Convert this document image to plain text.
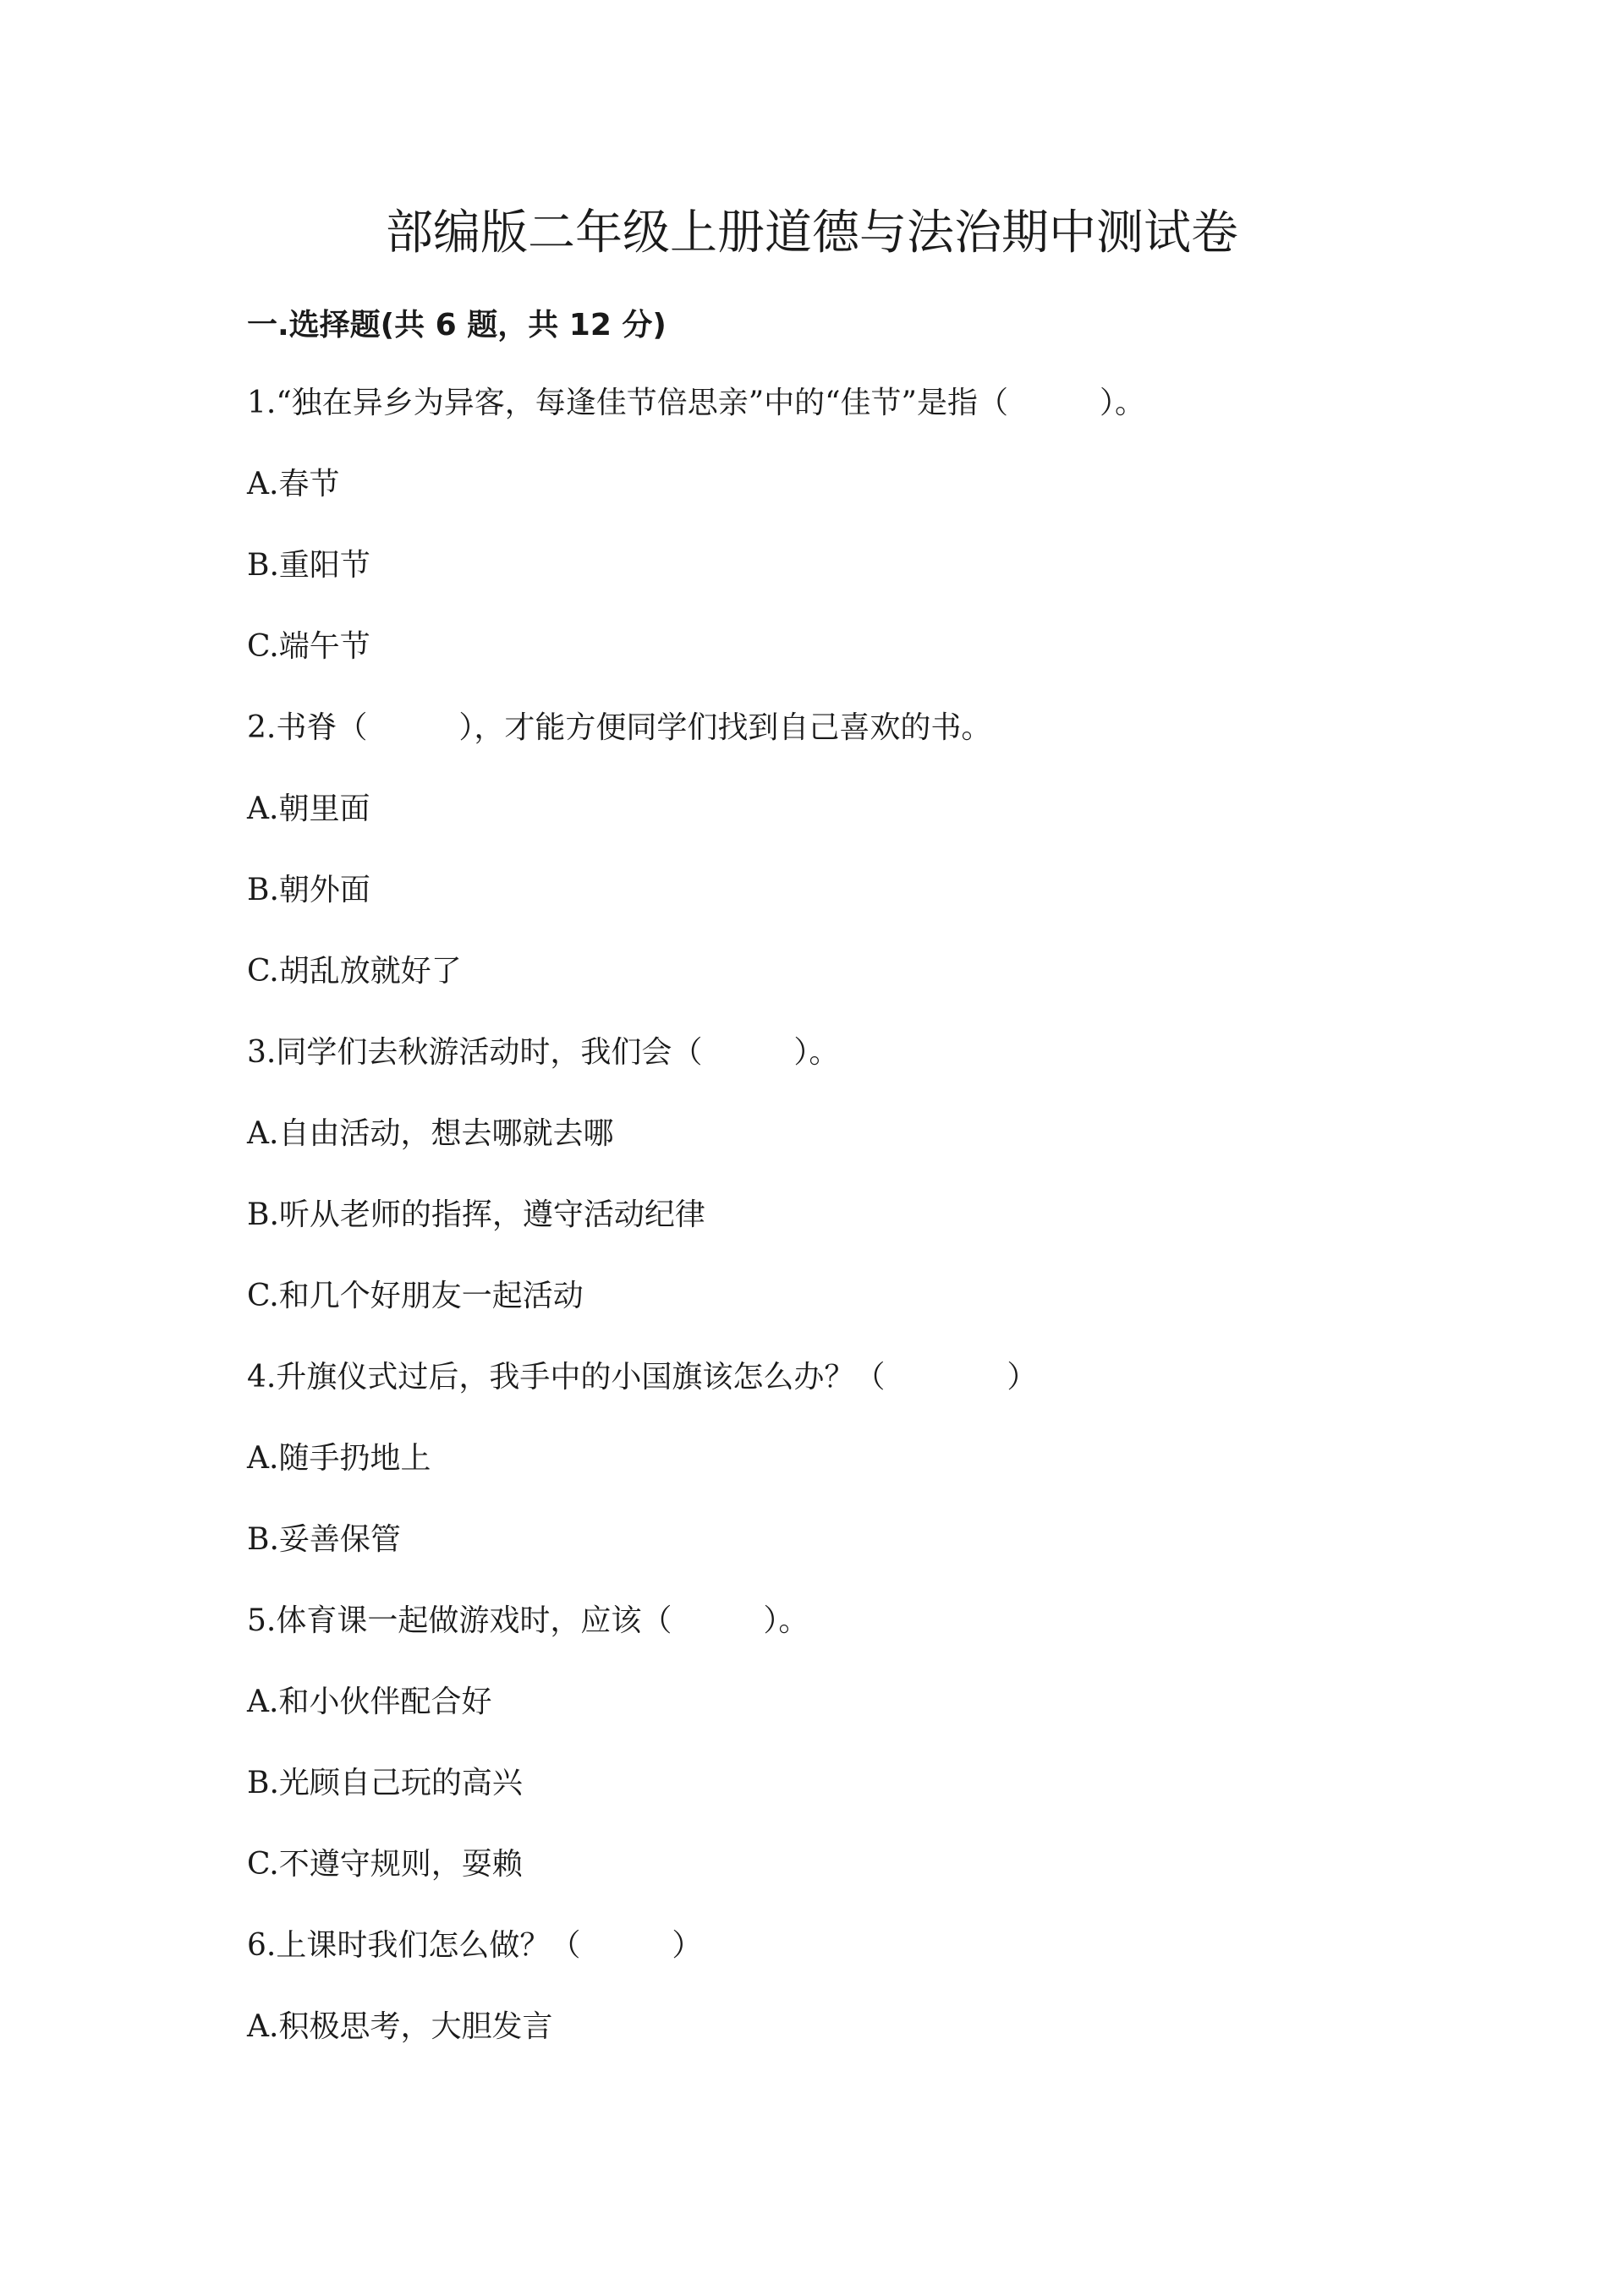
部编版二年级上册道德与法治期中测试卷
一.选择题(共 6 题，共 12 分)
1.“独在异乡为异客，每逢佳节倍思亲”中的“佳节”是指（　　　）。
A.春节
B.重阳节
C.端午节
2.书脊（　　　），才能方便同学们找到自己喜欢的书。
A.朝里面
B.朝外面
C.胡乱放就好了
3.同学们去秋游活动时，我们会（　　　）。
A.自由活动，想去哪就去哪
B.听从老师的指挥，遵守活动纪律
C.和几个好朋友一起活动
4.升旗仪式过后，我手中的小国旗该怎么办？（　　　　）
A.随手扔地上
B.妥善保管
5.体育课一起做游戏时，应该（　　　）。
A.和小伙伴配合好
B.光顾自己玩的高兴
C.不遵守规则，耍赖
6.上课时我们怎么做？（　　　）
A.积极思考，大胆发言
